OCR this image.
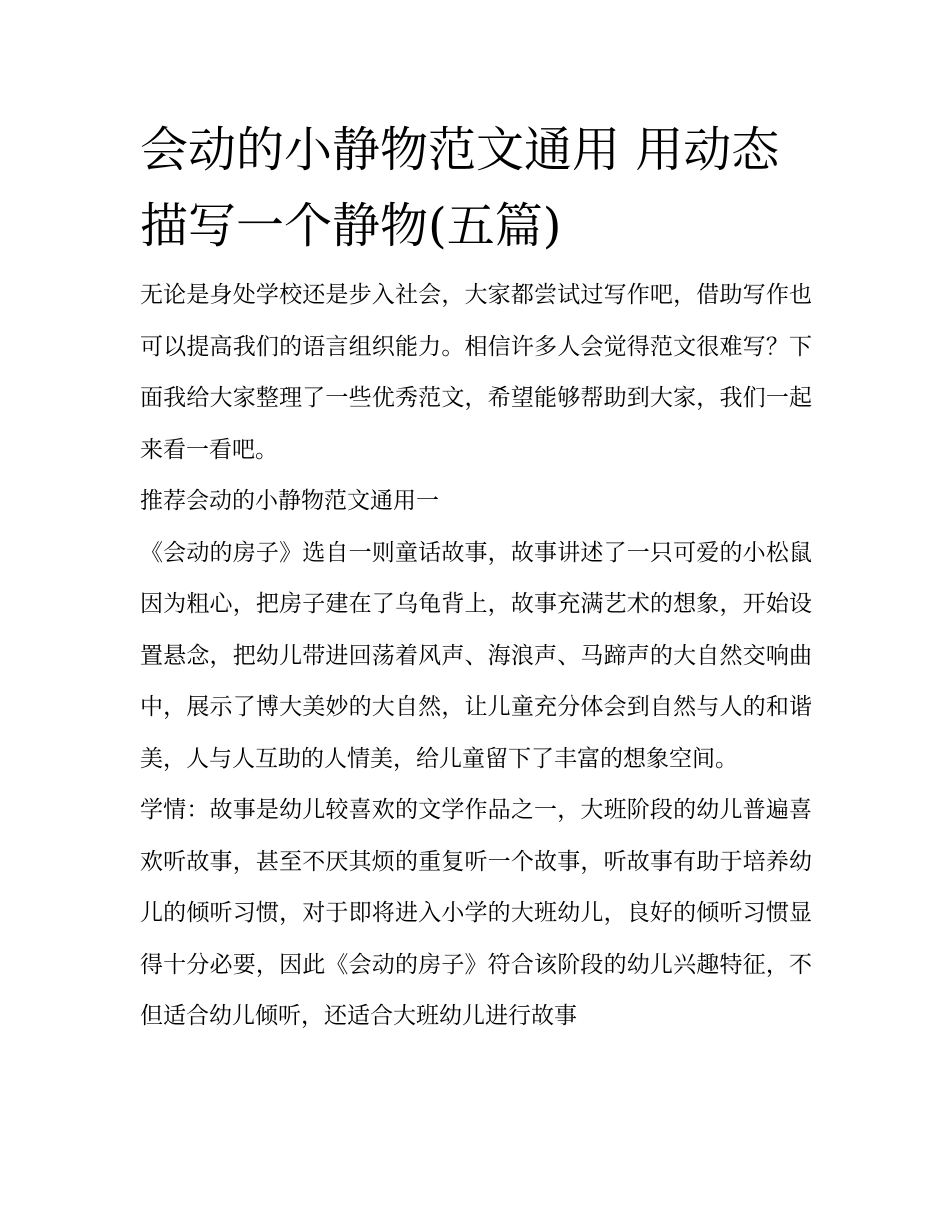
会动的小静物范文通用 用动态描写一个静物(五篇)

无论是身处学校还是步入社会，大家都尝试过写作吧，借助写作也可以提高我们的语言组织能力。相信许多人会觉得范文很难写？下面我给大家整理了一些优秀范文，希望能够帮助到大家，我们一起来看一看吧。

推荐会动的小静物范文通用一

《会动的房子》选自一则童话故事，故事讲述了一只可爱的小松鼠因为粗心，把房子建在了乌龟背上，故事充满艺术的想象，开始设置悬念，把幼儿带进回荡着风声、海浪声、马蹄声的大自然交响曲中，展示了博大美妙的大自然，让儿童充分体会到自然与人的和谐美，人与人互助的人情美，给儿童留下了丰富的想象空间。

学情：故事是幼儿较喜欢的文学作品之一，大班阶段的幼儿普遍喜欢听故事，甚至不厌其烦的重复听一个故事，听故事有助于培养幼儿的倾听习惯，对于即将进入小学的大班幼儿，良好的倾听习惯显得十分必要，因此《会动的房子》符合该阶段的幼儿兴趣特征，不但适合幼儿倾听，还适合大班幼儿进行故事
